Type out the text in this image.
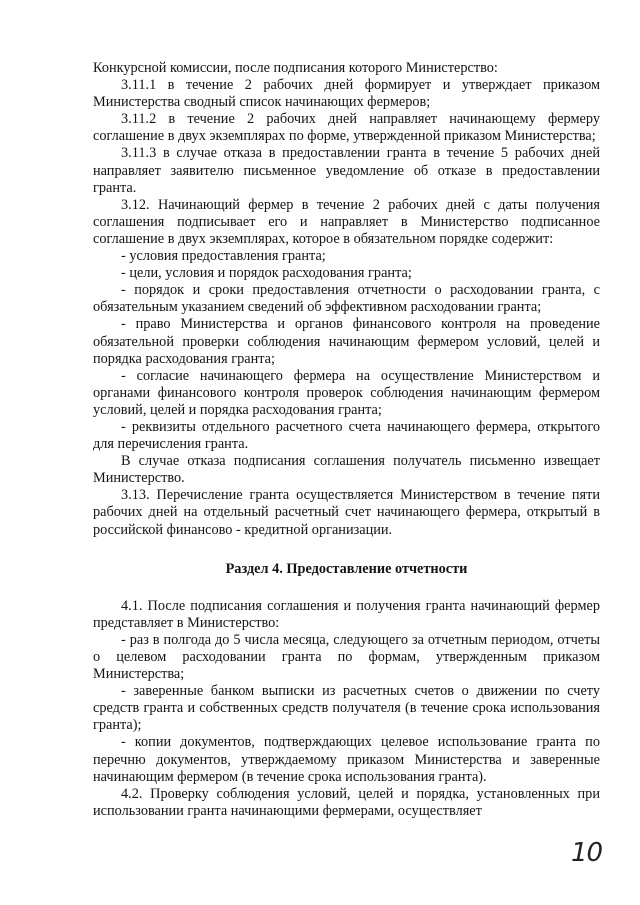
Конкурсной комиссии, после подписания которого Министерство:

3.11.1 в течение 2 рабочих дней формирует и утверждает приказом Министерства сводный список начинающих фермеров;

3.11.2 в течение 2 рабочих дней направляет начинающему фермеру соглашение в двух экземплярах по форме, утвержденной приказом Министерства;

3.11.3 в случае отказа в предоставлении гранта в течение 5 рабочих дней направляет заявителю письменное уведомление об отказе в предоставлении гранта.

3.12. Начинающий фермер в течение 2 рабочих дней с даты получения соглашения подписывает его и направляет в Министерство подписанное соглашение в двух экземплярах, которое в обязательном порядке содержит:

- условия предоставления гранта;

- цели, условия и порядок расходования гранта;

- порядок и сроки предоставления отчетности о расходовании гранта, с обязательным указанием сведений об эффективном расходовании гранта;

- право Министерства и органов финансового контроля на проведение обязательной проверки соблюдения начинающим фермером условий, целей и порядка расходования гранта;

- согласие начинающего фермера на осуществление Министерством и органами финансового контроля проверок соблюдения начинающим фермером условий, целей и порядка расходования гранта;

- реквизиты отдельного расчетного счета начинающего фермера, открытого для перечисления гранта.

В случае отказа подписания соглашения получатель письменно извещает Министерство.

3.13. Перечисление гранта осуществляется Министерством в течение пяти рабочих дней на отдельный расчетный счет начинающего фермера, открытый в российской финансово - кредитной организации.

Раздел 4. Предоставление отчетности

4.1. После подписания соглашения и получения гранта начинающий фермер представляет в Министерство:

- раз в полгода до 5 числа месяца, следующего за отчетным периодом, отчеты о целевом расходовании гранта по формам, утвержденным приказом Министерства;

- заверенные банком выписки из расчетных счетов о движении по счету средств гранта и собственных средств получателя (в течение срока использования гранта);

- копии документов, подтверждающих целевое использование гранта по перечню документов, утверждаемому приказом Министерства и заверенные начинающим фермером (в течение срока использования гранта).

4.2. Проверку соблюдения условий, целей и порядка, установленных при использовании гранта начинающими фермерами, осуществляет

10
